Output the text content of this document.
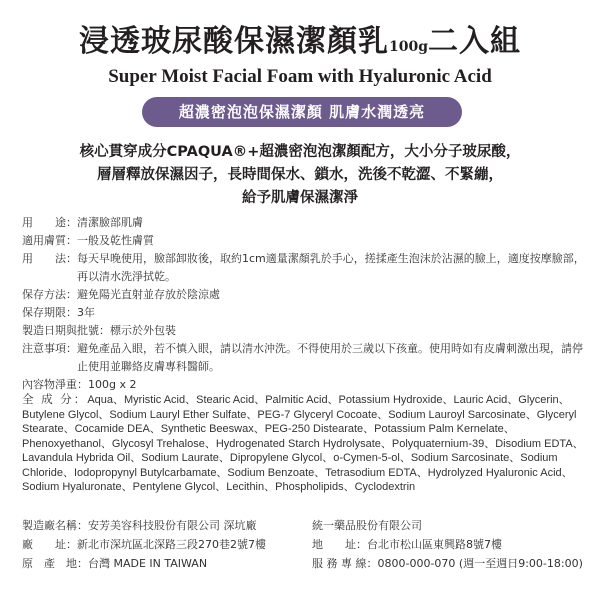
浸透玻尿酸保濕潔顏乳100g二入組
Super Moist Facial Foam with Hyaluronic Acid
超濃密泡泡保濕潔顏 肌膚水潤透亮
核心貫穿成分CPAQUA®+超濃密泡泡潔顏配方，大小分子玻尿酸，
層層釋放保濕因子，長時間保水、鎖水，洗後不乾澀、不緊繃，
給予肌膚保濕潔淨
用　　途： 清潔臉部肌膚
適用膚質： 一般及乾性膚質
用　　法： 每天早晚使用，臉部卸妝後，取約1cm適量潔顏乳於手心，搓揉產生泡沫於沾濕的臉上，適度按摩臉部，再以清水洗淨拭乾。
保存方法： 避免陽光直射並存放於陰涼處
保存期限： 3年
製造日期與批號： 標示於外包裝
注意事項： 避免產品入眼，若不慎入眼，請以清水沖洗。不得使用於三歲以下孩童。使用時如有皮膚刺激出現，請停止使用並聯絡皮膚專科醫師。
內容物淨重： 100g x 2
全 成 分：Aqua、Myristic Acid、Stearic Acid、Palmitic Acid、Potassium Hydroxide、Lauric Acid、Glycerin、Butylene Glycol、Sodium Lauryl Ether Sulfate、PEG-7 Glyceryl Cocoate、Sodium Lauroyl Sarcosinate、Glyceryl Stearate、Cocamide DEA、Synthetic Beeswax、PEG-250 Distearate、Potassium Palm Kernelate、Phenoxyethanol、Glycosyl Trehalose、Hydrogenated Starch Hydrolysate、Polyquaternium-39、Disodium EDTA、Lavandula Hybrida Oil、Sodium Laurate、Dipropylene Glycol、o-Cymen-5-ol、Sodium Sarcosinate、Sodium Chloride、Iodopropynyl Butylcarbamate、Sodium Benzoate、Tetrasodium EDTA、Hydrolyzed Hyaluronic Acid、Sodium Hyaluronate、Pentylene Glycol、Lecithin、Phospholipids、Cyclodextrin
製造廠名稱： 安芳美容科技股份有限公司 深坑廠
廠　　址： 新北市深坑區北深路三段270巷2號7樓
原　產　地： 台灣 MADE IN TAIWAN
統一藥品股份有限公司
地　　址： 台北市松山區東興路8號7樓
服 務 專 線： 0800-000-070 (週一至週日9:00-18:00)
